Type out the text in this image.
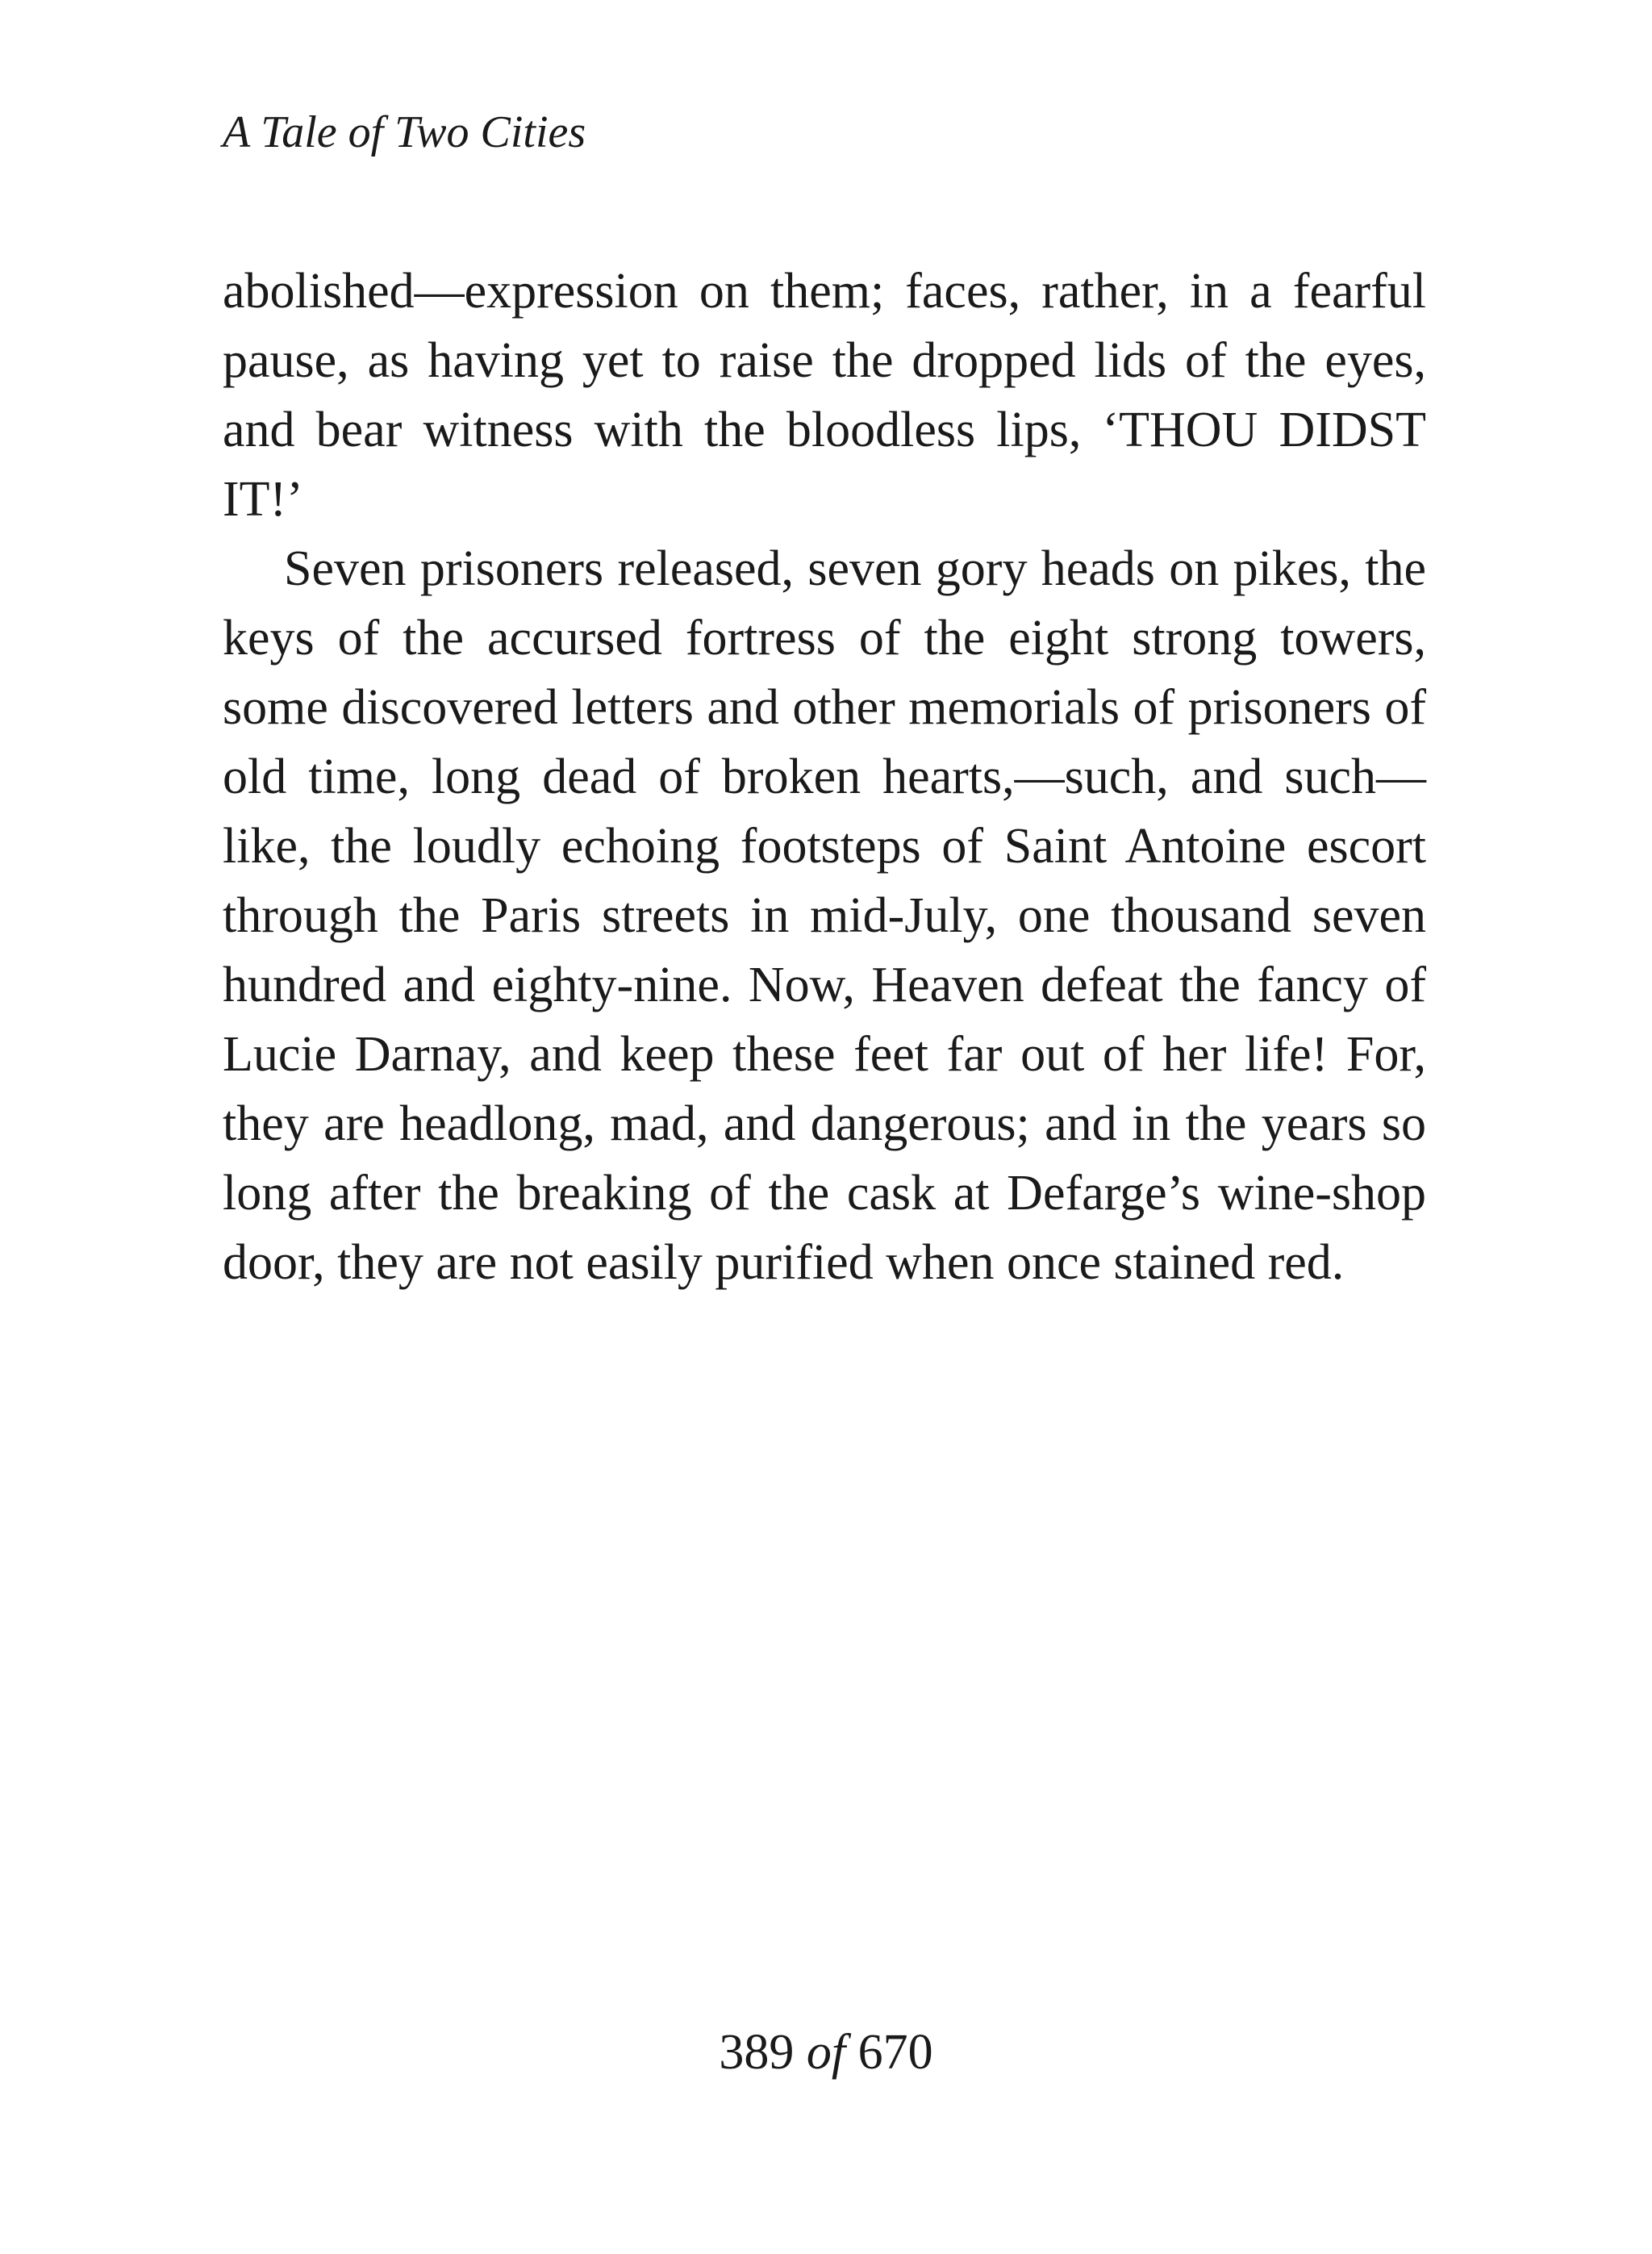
A Tale of Two Cities

abolished—expression on them; faces, rather, in a fearful pause, as having yet to raise the dropped lids of the eyes, and bear witness with the bloodless lips, ‘THOU DIDST IT!’

Seven prisoners released, seven gory heads on pikes, the keys of the accursed fortress of the eight strong towers, some discovered letters and other memorials of prisoners of old time, long dead of broken hearts,—such, and such—like, the loudly echoing footsteps of Saint Antoine escort through the Paris streets in mid-July, one thousand seven hundred and eighty-nine. Now, Heaven defeat the fancy of Lucie Darnay, and keep these feet far out of her life! For, they are headlong, mad, and dangerous; and in the years so long after the breaking of the cask at Defarge’s wine-shop door, they are not easily purified when once stained red.

389 of 670
